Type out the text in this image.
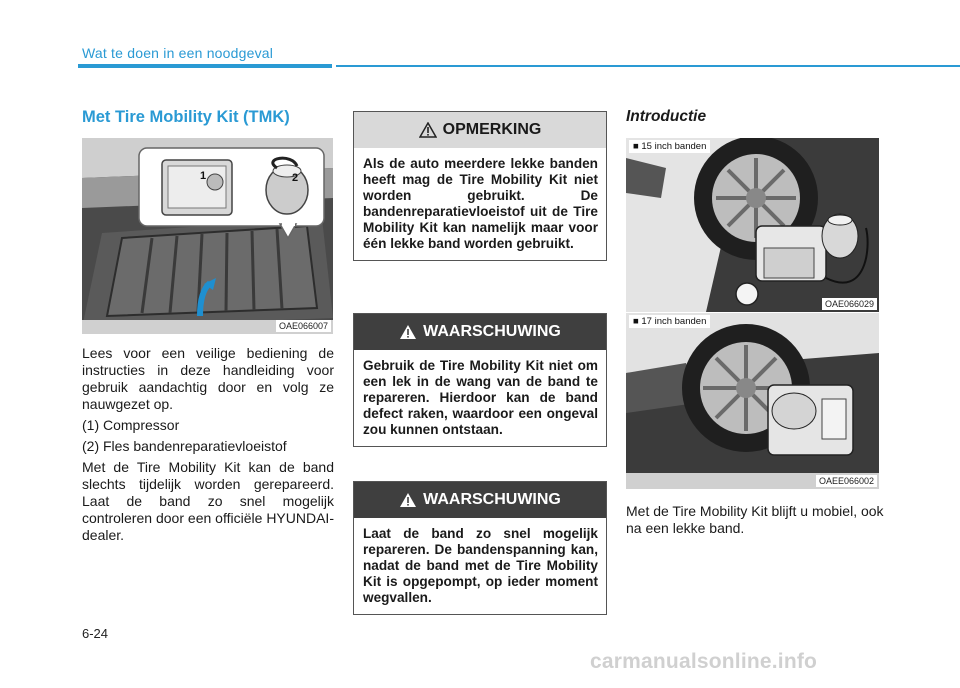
Wat te doen in een noodgeval
Met Tire Mobility Kit (TMK)
1	2
OAE066007

Lees voor een veilige bediening de instructies in deze handleiding voor gebruik aandachtig door en volg ze nauwgezet op.

(1) Compressor

(2) Fles bandenreparatievloeistof

Met de Tire Mobility Kit kan de band slechts tijdelijk worden gerepareerd. Laat de band zo snel mogelijk controleren door een officiële HYUNDAI-dealer.

OPMERKING
Als de auto meerdere lekke banden heeft mag de Tire Mobility Kit niet worden gebruikt. De bandenreparatievloeistof uit de Tire Mobility Kit kan namelijk maar voor één lekke band worden gebruikt.
WAARSCHUWING
Gebruik de Tire Mobility Kit niet om een lek in de wang van de band te repareren. Hierdoor kan de band defect raken, waardoor een ongeval zou kunnen ontstaan.
WAARSCHUWING
Laat de band zo snel mogelijk repareren. De bandenspanning kan, nadat de band met de Tire Mobility Kit is opgepompt, op ieder moment wegvallen.
Introductie
■ 15 inch banden
OAE066029
■ 17 inch banden
OAEE066002
Met de Tire Mobility Kit blijft u mobiel, ook na een lekke band.
6-24
carmanualsonline.info
